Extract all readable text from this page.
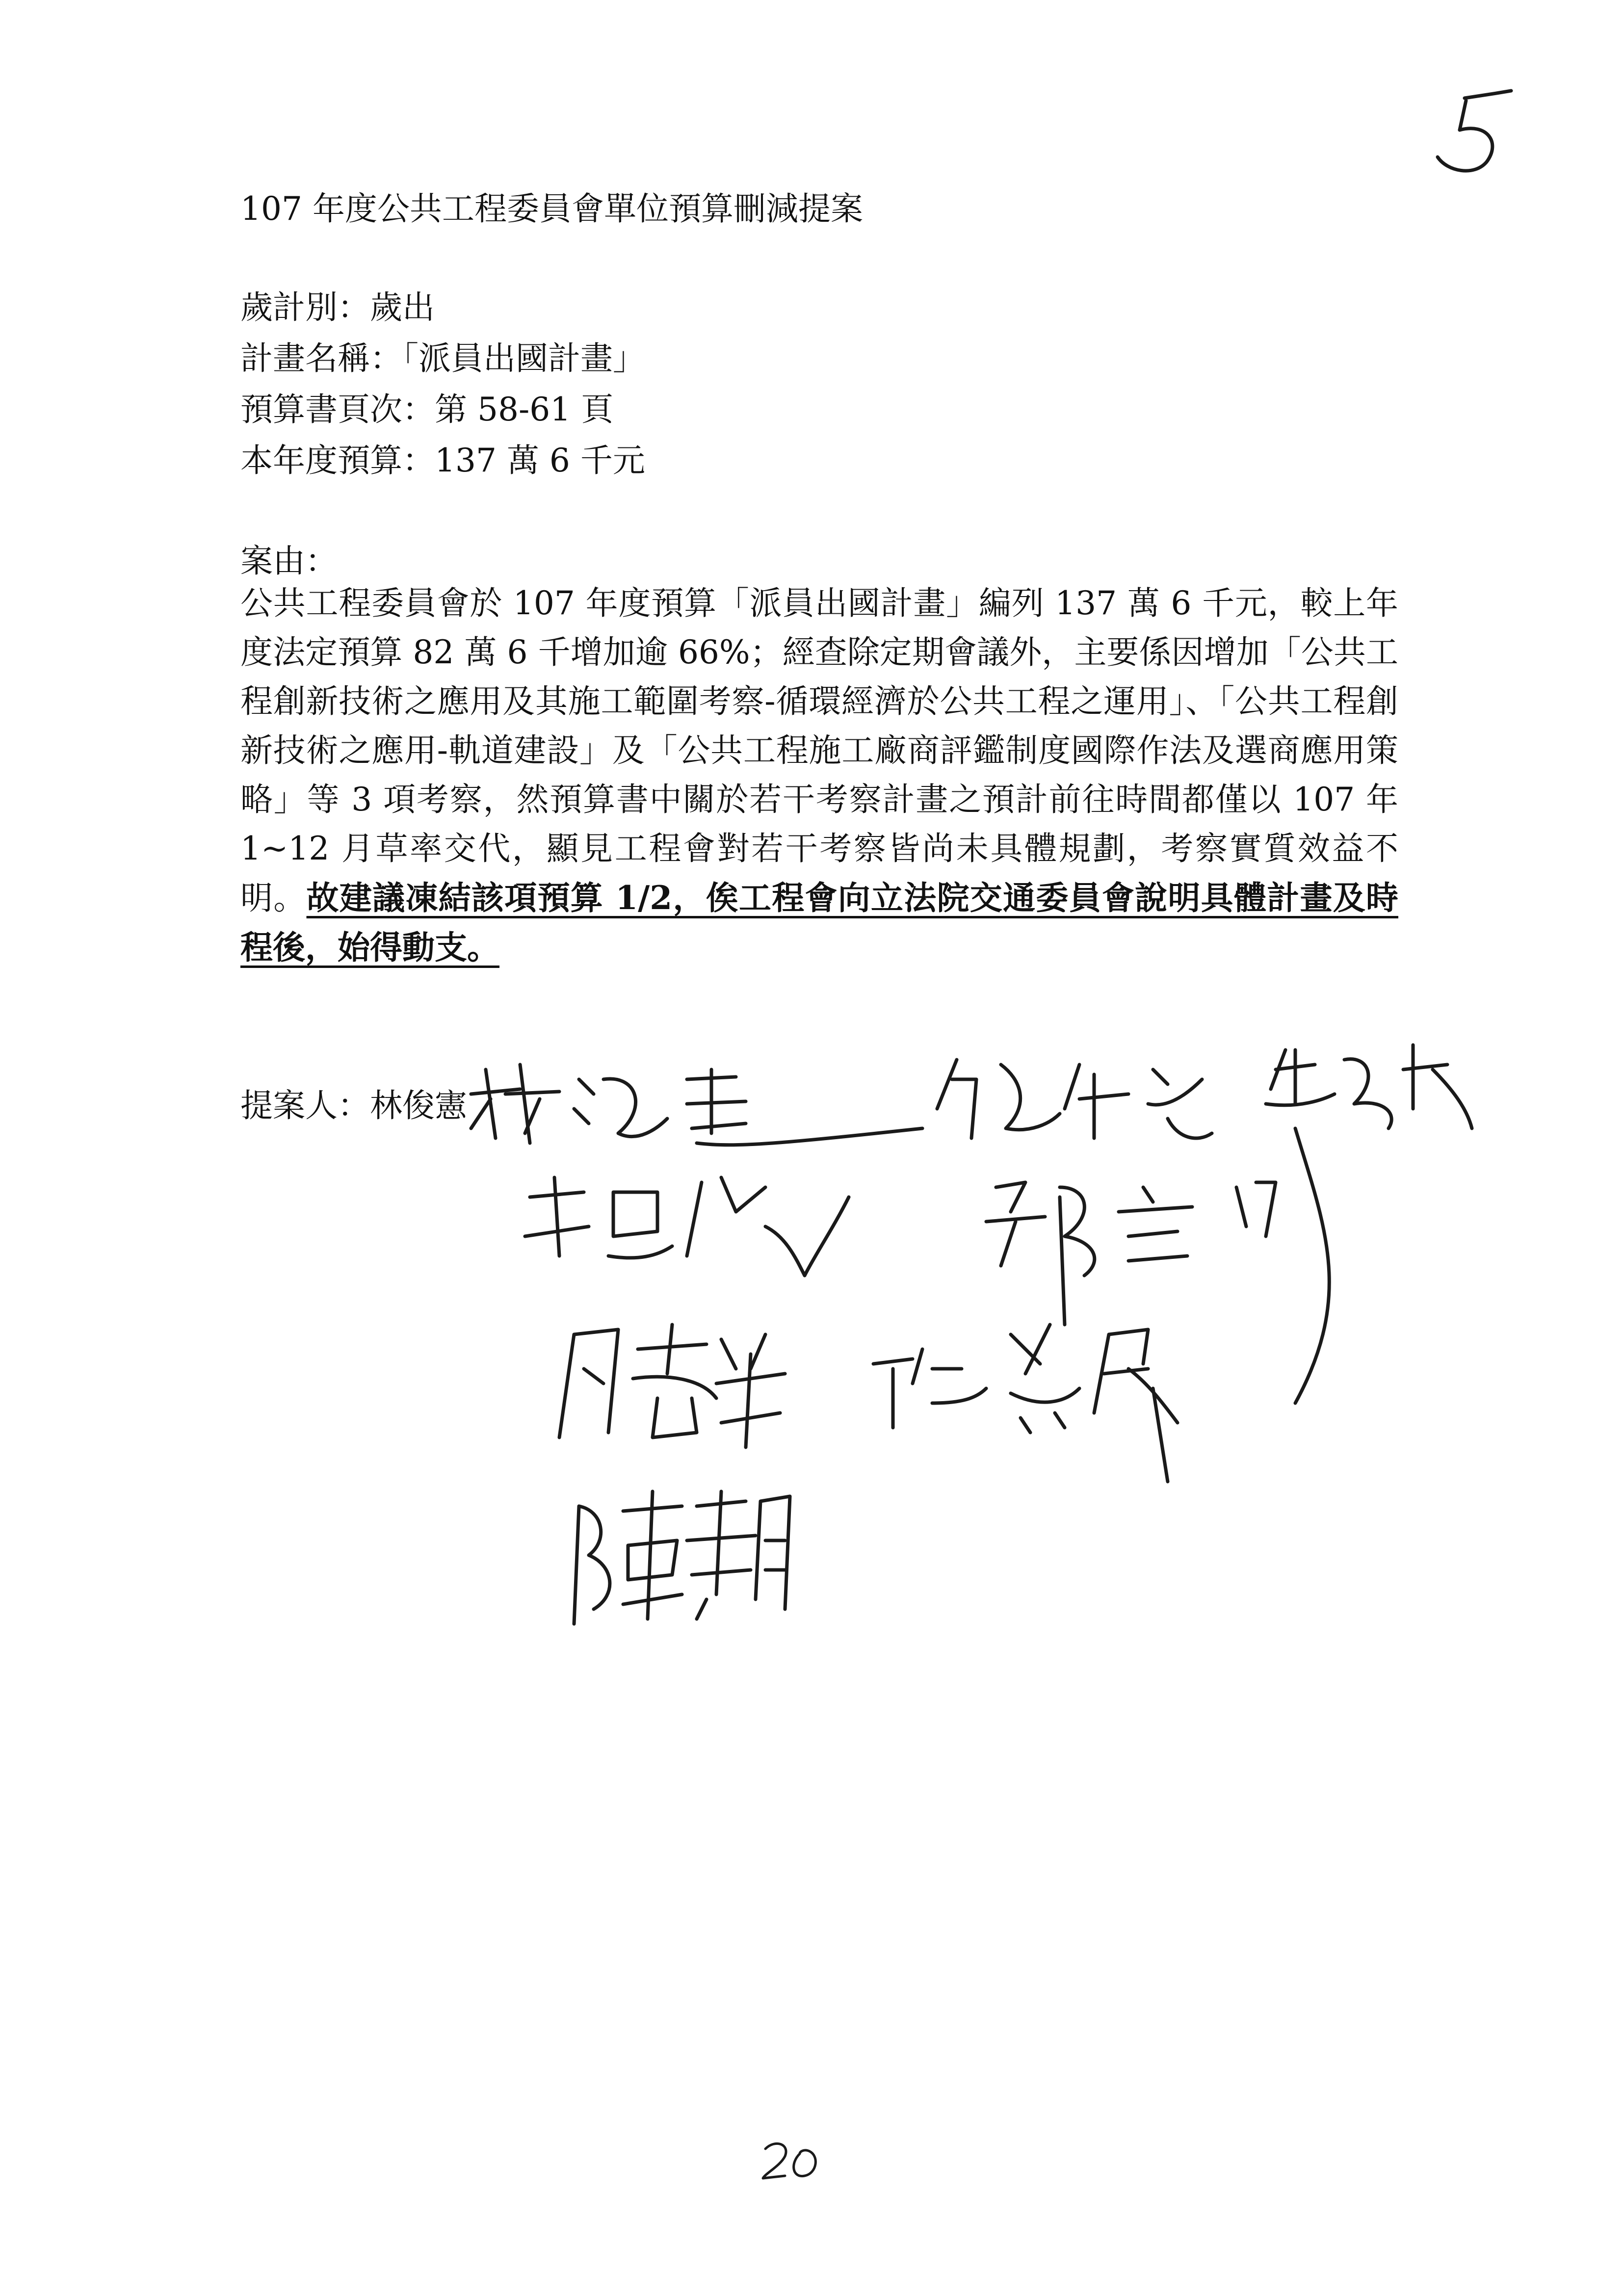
107 年度公共工程委員會單位預算刪減提案
歲計別：歲出
計畫名稱：「派員出國計畫」
預算書頁次：第 58-61 頁
本年度預算：137 萬 6 千元
案由：
公共工程委員會於 107 年度預算「派員出國計畫」編列 137 萬 6 千元，較上年度法定預算 82 萬 6 千增加逾 66%；經查除定期會議外，主要係因增加「公共工程創新技術之應用及其施工範圍考察-循環經濟於公共工程之運用」、「公共工程創新技術之應用-軌道建設」及「公共工程施工廠商評鑑制度國際作法及選商應用策略」等 3 項考察，然預算書中關於若干考察計畫之預計前往時間都僅以 107 年 1~12 月草率交代，顯見工程會對若干考察皆尚未具體規劃，考察實質效益不明。故建議凍結該項預算 1/2，俟工程會向立法院交通委員會說明具體計畫及時程後，始得動支。
提案人：林俊憲
